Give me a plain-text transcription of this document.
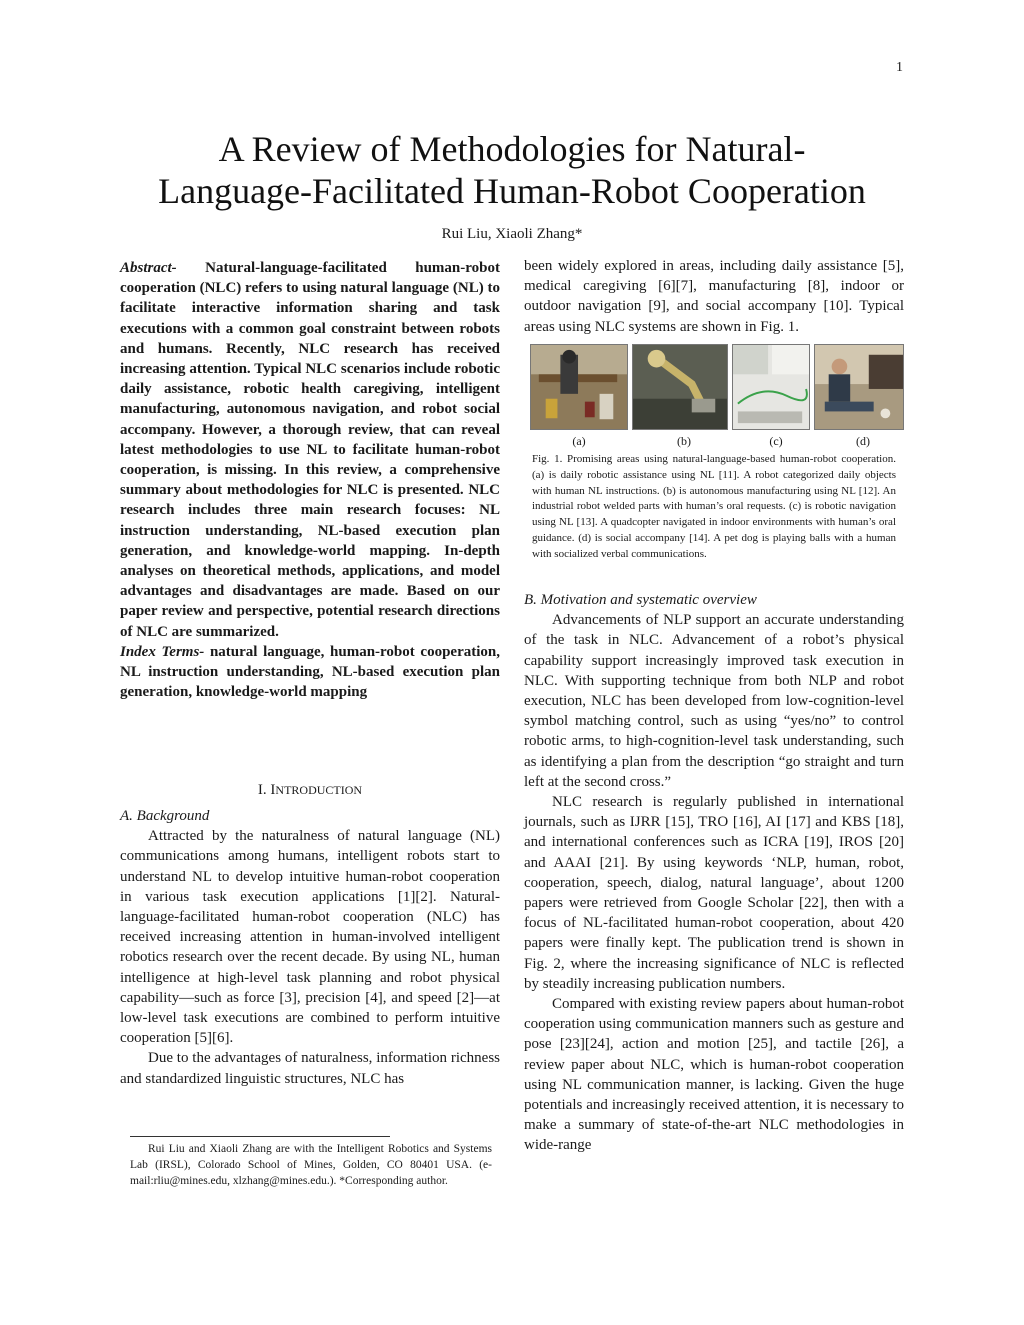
1
A Review of Methodologies for Natural-
Language-Facilitated Human-Robot Cooperation
Rui Liu, Xiaoli Zhang*

Abstract- Natural-language-facilitated human-robot cooperation (NLC) refers to using natural language (NL) to facilitate interactive information sharing and task executions with a common goal constraint between robots and humans. Recently, NLC research has received increasing attention. Typical NLC scenarios include robotic daily assistance, robotic health caregiving, intelligent manufacturing, autonomous navigation, and robot social accompany. However, a thorough review, that can reveal latest methodologies to use NL to facilitate human-robot cooperation, is missing. In this review, a comprehensive summary about methodologies for NLC is presented. NLC research includes three main research focuses: NL instruction understanding, NL-based execution plan generation, and knowledge-world mapping. In-depth analyses on theoretical methods, applications, and model advantages and disadvantages are made. Based on our paper review and perspective, potential research directions of NLC are summarized.

Index Terms- natural language, human-robot cooperation, NL instruction understanding, NL-based execution plan generation, knowledge-world mapping

I. INTRODUCTION

A. Background

Attracted by the naturalness of natural language (NL) communications among humans, intelligent robots start to understand NL to develop intuitive human-robot cooperation in various task execution applications [1][2]. Natural-language-facilitated human-robot cooperation (NLC) has received increasing attention in human-involved intelligent robotics research over the recent decade. By using NL, human intelligence at high-level task planning and robot physical capability—such as force [3], precision [4], and speed [2]—at low-level task executions are combined to perform intuitive cooperation [5][6].

Due to the advantages of naturalness, information richness and standardized linguistic structures, NLC has

Rui Liu and Xiaoli Zhang are with the Intelligent Robotics and Systems Lab (IRSL), Colorado School of Mines, Golden, CO 80401 USA. (e-mail:rliu@mines.edu, xlzhang@mines.edu.). *Corresponding author.

been widely explored in areas, including daily assistance [5], medical caregiving [6][7], manufacturing [8], indoor or outdoor navigation [9], and social accompany [10]. Typical areas using NLC systems are shown in Fig. 1.

(a)	(b)	(c)	(d)
Fig. 1. Promising areas using natural-language-based human-robot cooperation. (a) is daily robotic assistance using NL [11]. A robot categorized daily objects with human NL instructions. (b) is autonomous manufacturing using NL [12]. An industrial robot welded parts with human’s oral requests. (c) is robotic navigation using NL [13]. A quadcopter navigated in indoor environments with human’s oral guidance. (d) is social accompany [14]. A pet dog is playing balls with a human with socialized verbal communications.

B. Motivation and systematic overview

Advancements of NLP support an accurate understanding of the task in NLC. Advancement of a robot’s physical capability support increasingly improved task execution in NLC. With supporting technique from both NLP and robot execution, NLC has been developed from low-cognition-level symbol matching control, such as using “yes/no” to control robotic arms, to high-cognition-level task understanding, such as identifying a plan from the description “go straight and turn left at the second cross.”

NLC research is regularly published in international journals, such as IJRR [15], TRO [16], AI [17] and KBS [18], and international conferences such as ICRA [19], IROS [20] and AAAI [21]. By using keywords ‘NLP, human, robot, cooperation, speech, dialog, natural language’, about 1200 papers were retrieved from Google Scholar [22], then with a focus of NL-facilitated human-robot cooperation, about 420 papers were finally kept. The publication trend is shown in Fig. 2, where the increasing significance of NLC is reflected by steadily increasing publication numbers.

Compared with existing review papers about human-robot cooperation using communication manners such as gesture and pose [23][24], action and motion [25], and tactile [26], a review paper about NLC, which is human-robot cooperation using NL communication manner, is lacking. Given the huge potentials and increasingly received attention, it is necessary to make a summary of state-of-the-art NLC methodologies in wide-range
